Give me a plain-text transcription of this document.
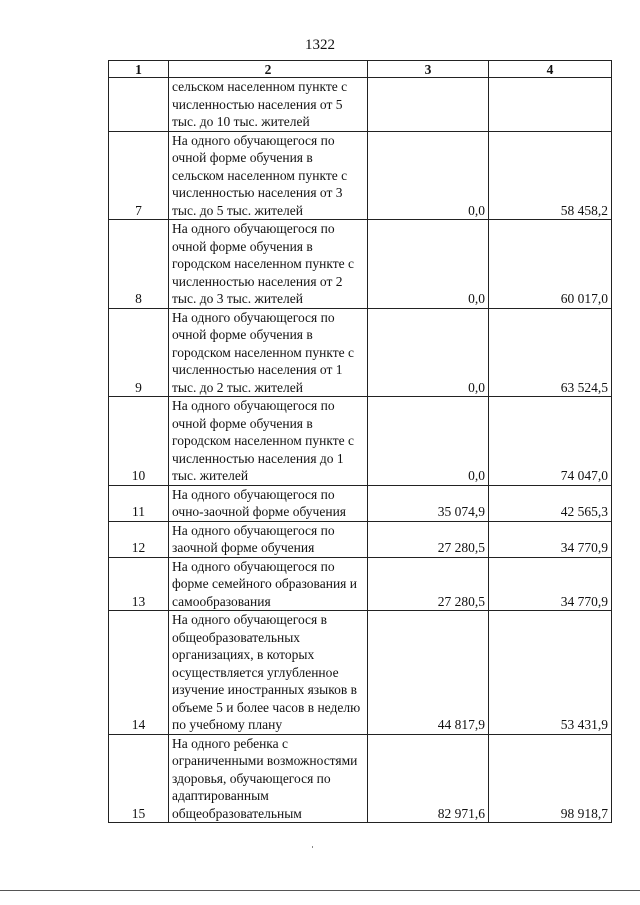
1322
1	2	3	4
	сельском населенном пункте с численностью населения от 5 тыс. до 10 тыс. жителей		
7	На одного обучающегося по очной форме обучения в сельском населенном пункте с численностью населения от 3 тыс. до 5 тыс. жителей	0,0	58 458,2
8	На одного обучающегося по очной форме обучения в городском населенном пункте с численностью населения от 2 тыс. до 3 тыс. жителей	0,0	60 017,0
9	На одного обучающегося по очной форме обучения в городском населенном пункте с численностью населения от 1 тыс. до 2 тыс. жителей	0,0	63 524,5
10	На одного обучающегося по очной форме обучения в городском населенном пункте с численностью населения до 1 тыс. жителей	0,0	74 047,0
11	На одного обучающегося по очно-заочной форме обучения	35 074,9	42 565,3
12	На одного обучающегося по заочной форме обучения	27 280,5	34 770,9
13	На одного обучающегося по форме семейного образования и самообразования	27 280,5	34 770,9
14	На одного обучающегося в общеобразовательных организациях, в которых осуществляется углубленное изучение иностранных языков в объеме 5 и более часов в неделю по учебному плану	44 817,9	53 431,9
15	На одного ребенка с ограниченными возможностями здоровья, обучающегося по адаптированным общеобразовательным	82 971,6	98 918,7
